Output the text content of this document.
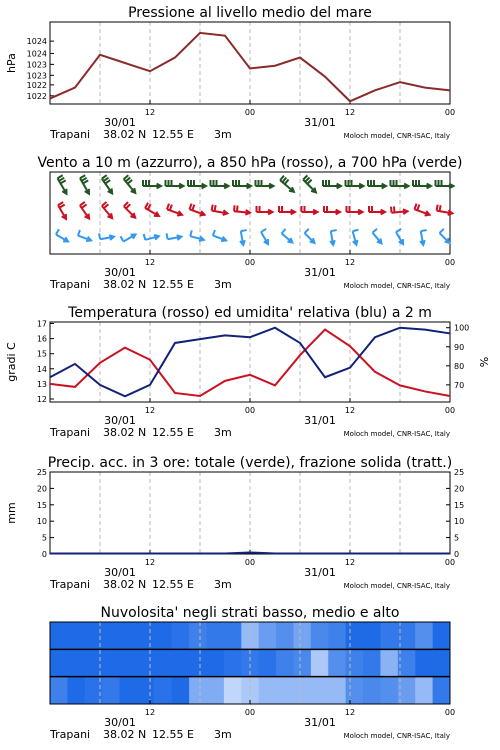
12	00	12	00
30/01	31/01
Trapani 38.02 N 12.55 E 3m	Moloch model, CNR-ISAC, Italy
Pressione al livello medio del mare
1022
1022
1023
1023
1024
1024
hPa
12	00	12	00
30/01	31/01
Trapani 38.02 N 12.55 E 3m	Moloch model, CNR-ISAC, Italy
Vento a 10 m (azzurro), a 850 hPa (rosso), a 700 hPa (verde)
12	00	12	00
30/01	31/01
Trapani 38.02 N 12.55 E 3m	Moloch model, CNR-ISAC, Italy
Temperatura (rosso) ed umidita' relativa (blu) a 2 m
12
13
14
15
16
17
70
80
90
100
gradi C	%
12	00	12	00
30/01	31/01
Trapani 38.02 N 12.55 E 3m	Moloch model, CNR-ISAC, Italy
Precip. acc. in 3 ore: totale (verde), frazione solida (tratt.)
0	0
5	5
10	10
15	15
20	20
25	25
mm
Nuvolosita' negli strati basso, medio e alto
12	00	12	00
30/01	31/01
Trapani 38.02 N 12.55 E 3m	Moloch model, CNR-ISAC, Italy
